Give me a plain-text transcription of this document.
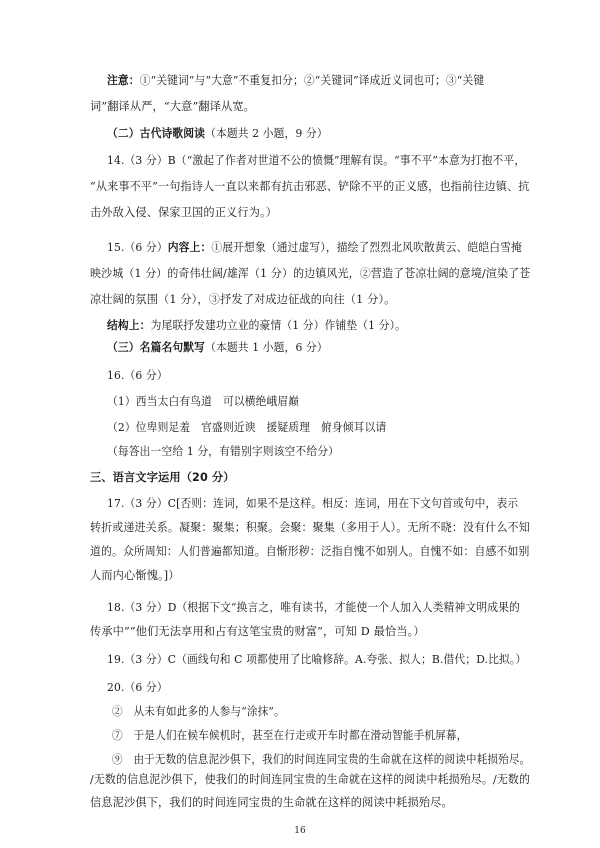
注意：①“关键词”与“大意”不重复扣分；②“关键词”译成近义词也可；③“关键
词”翻译从严，“大意”翻译从宽。
（二）古代诗歌阅读（本题共 2 小题，9 分）
14.（3 分）B（“激起了作者对世道不公的愤慨”理解有误。“事不平”本意为打抱不平，
“从来事不平”一句指诗人一直以来都有抗击邪恶、铲除不平的正义感，也指前往边镇、抗
击外敌入侵、保家卫国的正义行为。）
15.（6 分）内容上：①展开想象（通过虚写），描绘了烈烈北风吹散黄云、皑皑白雪掩
映沙城（1 分）的奇伟壮阔/雄浑（1 分）的边镇风光，②营造了苍凉壮阔的意境/渲染了苍
凉壮阔的氛围（1 分），③抒发了对成边征战的向往（1 分）。
结构上：为尾联抒发建功立业的豪情（1 分）作铺垫（1 分）。
（三）名篇名句默写（本题共 1 小题，6 分）
16.（6 分）
（1）西当太白有鸟道　可以横绝峨眉巅
（2）位卑则足羞　官盛则近谀　援疑质理　俯身倾耳以请
（每答出一空给 1 分，有错别字则该空不给分）
三、语言文字运用（20 分）
17.（3 分）C[否则：连词，如果不是这样。相反：连词，用在下文句首或句中，表示
转折或递进关系。凝聚：聚集；积聚。会聚：聚集（多用于人）。无所不晓：没有什么不知
道的。众所周知：人们普遍都知道。自惭形秽：泛指自愧不如别人。自愧不如：自感不如别
人而内心惭愧。]）
18.（3 分）D（根据下文“换言之，唯有读书，才能使一个人加入人类精神文明成果的
传承中”“他们无法享用和占有这笔宝贵的财富”，可知 D 最恰当。）
19.（3 分）C（画线句和 C 项都使用了比喻修辞。A.夸张、拟人；B.借代；D.比拟。）
20.（6 分）
②　从未有如此多的人参与“涂抹”。
⑦　于是人们在候车候机时，甚至在行走或开车时都在滑动智能手机屏幕，
⑨　由于无数的信息泥沙俱下，我们的时间连同宝贵的生命就在这样的阅读中耗损殆尽。
16
/无数的信息泥沙俱下，使我们的时间连同宝贵的生命就在这样的阅读中耗损殆尽。/无数的
信息泥沙俱下，我们的时间连同宝贵的生命就在这样的阅读中耗损殆尽。
